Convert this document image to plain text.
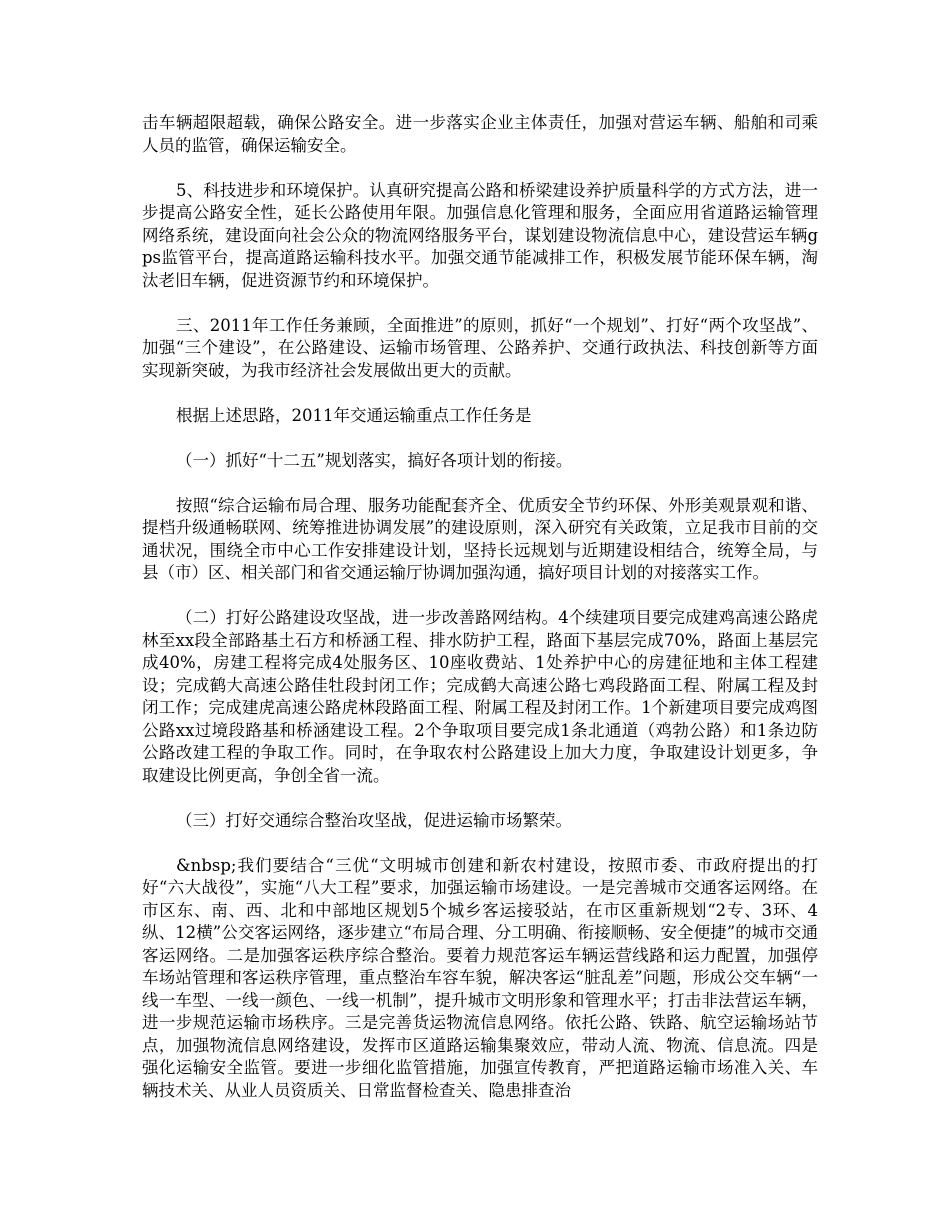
击车辆超限超载，确保公路安全。进一步落实企业主体责任，加强对营运车辆、船舶和司乘人员的监管，确保运输安全。

5、科技进步和环境保护。认真研究提高公路和桥梁建设养护质量科学的方式方法，进一步提高公路安全性，延长公路使用年限。加强信息化管理和服务，全面应用省道路运输管理网络系统，建设面向社会公众的物流网络服务平台，谋划建设物流信息中心，建设营运车辆gps监管平台，提高道路运输科技水平。加强交通节能减排工作，积极发展节能环保车辆，淘汰老旧车辆，促进资源节约和环境保护。

三、2011年工作任务兼顾，全面推进”的原则，抓好“一个规划”、打好“两个攻坚战”、加强“三个建设”，在公路建设、运输市场管理、公路养护、交通行政执法、科技创新等方面实现新突破，为我市经济社会发展做出更大的贡献。

根据上述思路，2011年交通运输重点工作任务是

（一）抓好“十二五”规划落实，搞好各项计划的衔接。

按照“综合运输布局合理、服务功能配套齐全、优质安全节约环保、外形美观景观和谐、提档升级通畅联网、统筹推进协调发展”的建设原则，深入研究有关政策，立足我市目前的交通状况，围绕全市中心工作安排建设计划，坚持长远规划与近期建设相结合，统筹全局，与县（市）区、相关部门和省交通运输厅协调加强沟通，搞好项目计划的对接落实工作。

（二）打好公路建设攻坚战，进一步改善路网结构。4个续建项目要完成建鸡高速公路虎林至xx段全部路基土石方和桥涵工程、排水防护工程，路面下基层完成70%，路面上基层完成40%，房建工程将完成4处服务区、10座收费站、1处养护中心的房建征地和主体工程建设；完成鹤大高速公路佳牡段封闭工作；完成鹤大高速公路七鸡段路面工程、附属工程及封闭工作；完成建虎高速公路虎林段路面工程、附属工程及封闭工作。1个新建项目要完成鸡图公路xx过境段路基和桥涵建设工程。2个争取项目要完成1条北通道（鸡勃公路）和1条边防公路改建工程的争取工作。同时，在争取农村公路建设上加大力度，争取建设计划更多，争取建设比例更高，争创全省一流。

（三）打好交通综合整治攻坚战，促进运输市场繁荣。

&nbsp;我们要结合“三优“文明城市创建和新农村建设，按照市委、市政府提出的打好“六大战役”，实施“八大工程”要求，加强运输市场建设。一是完善城市交通客运网络。在市区东、南、西、北和中部地区规划5个城乡客运接驳站，在市区重新规划“2专、3环、4纵、12横”公交客运网络，逐步建立“布局合理、分工明确、衔接顺畅、安全便捷”的城市交通客运网络。二是加强客运秩序综合整治。要着力规范客运车辆运营线路和运力配置，加强停车场站管理和客运秩序管理，重点整治车容车貌，解决客运“脏乱差”问题，形成公交车辆“一线一车型、一线一颜色、一线一机制”，提升城市文明形象和管理水平；打击非法营运车辆，进一步规范运输市场秩序。三是完善货运物流信息网络。依托公路、铁路、航空运输场站节点，加强物流信息网络建设，发挥市区道路运输集聚效应，带动人流、物流、信息流。四是强化运输安全监管。要进一步细化监管措施，加强宣传教育，严把道路运输市场准入关、车辆技术关、从业人员资质关、日常监督检查关、隐患排查治
